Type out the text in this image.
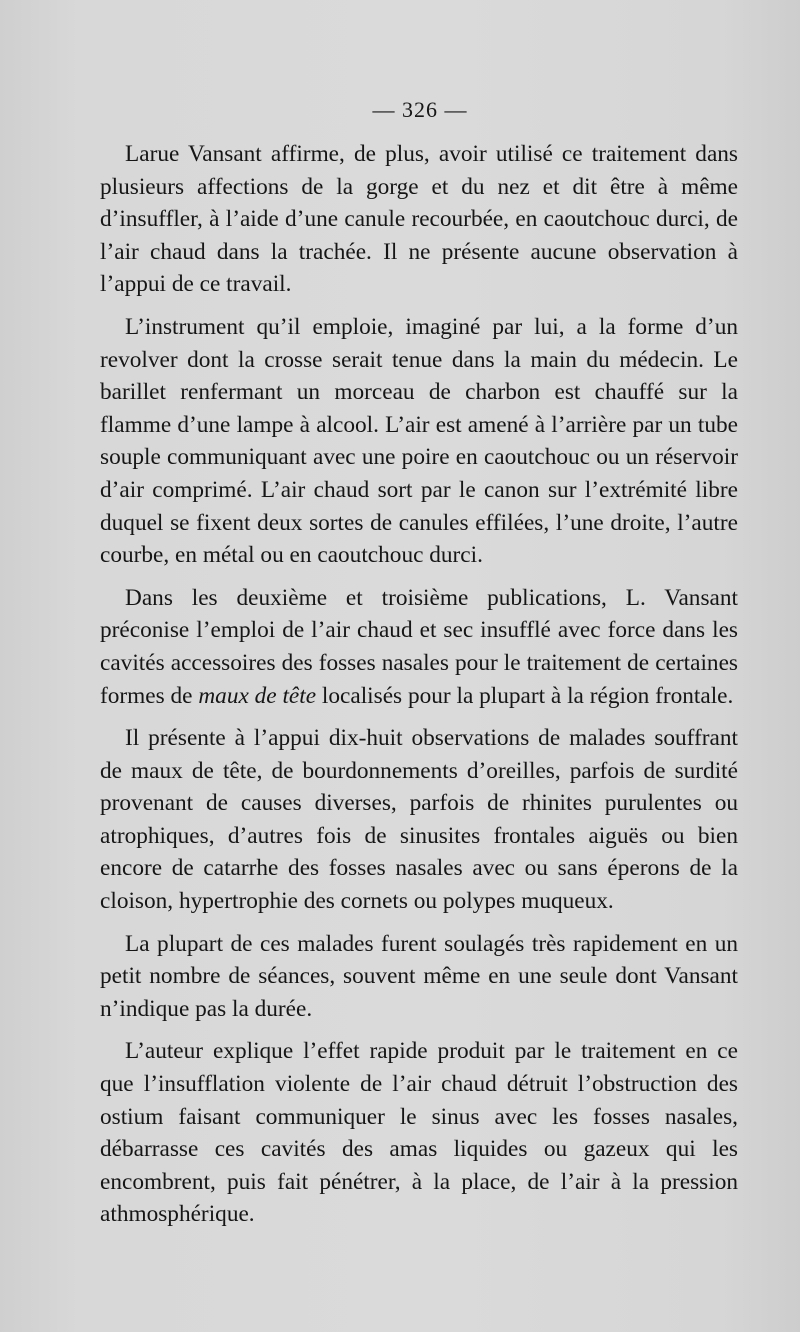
— 326 —

Larue Vansant affirme, de plus, avoir utilisé ce traitement dans plusieurs affections de la gorge et du nez et dit être à même d’insuffler, à l’aide d’une canule recourbée, en caoutchouc durci, de l’air chaud dans la trachée. Il ne présente aucune observation à l’appui de ce travail.

L’instrument qu’il emploie, imaginé par lui, a la forme d’un revolver dont la crosse serait tenue dans la main du médecin. Le barillet renfermant un morceau de charbon est chauffé sur la flamme d’une lampe à alcool. L’air est amené à l’arrière par un tube souple communiquant avec une poire en caoutchouc ou un réservoir d’air comprimé. L’air chaud sort par le canon sur l’extrémité libre duquel se fixent deux sortes de canules effilées, l’une droite, l’autre courbe, en métal ou en caoutchouc durci.

Dans les deuxième et troisième publications, L. Vansant préconise l’emploi de l’air chaud et sec insufflé avec force dans les cavités accessoires des fosses nasales pour le traitement de certaines formes de maux de tête localisés pour la plupart à la région frontale.

Il présente à l’appui dix-huit observations de malades souffrant de maux de tête, de bourdonnements d’oreilles, parfois de surdité provenant de causes diverses, parfois de rhinites purulentes ou atrophiques, d’autres fois de sinusites frontales aiguës ou bien encore de catarrhe des fosses nasales avec ou sans éperons de la cloison, hypertrophie des cornets ou polypes muqueux.

La plupart de ces malades furent soulagés très rapidement en un petit nombre de séances, souvent même en une seule dont Vansant n’indique pas la durée.

L’auteur explique l’effet rapide produit par le traitement en ce que l’insufflation violente de l’air chaud détruit l’obstruction des ostium faisant communiquer le sinus avec les fosses nasales, débarrasse ces cavités des amas liquides ou gazeux qui les encombrent, puis fait pénétrer, à la place, de l’air à la pression athmosphérique.
